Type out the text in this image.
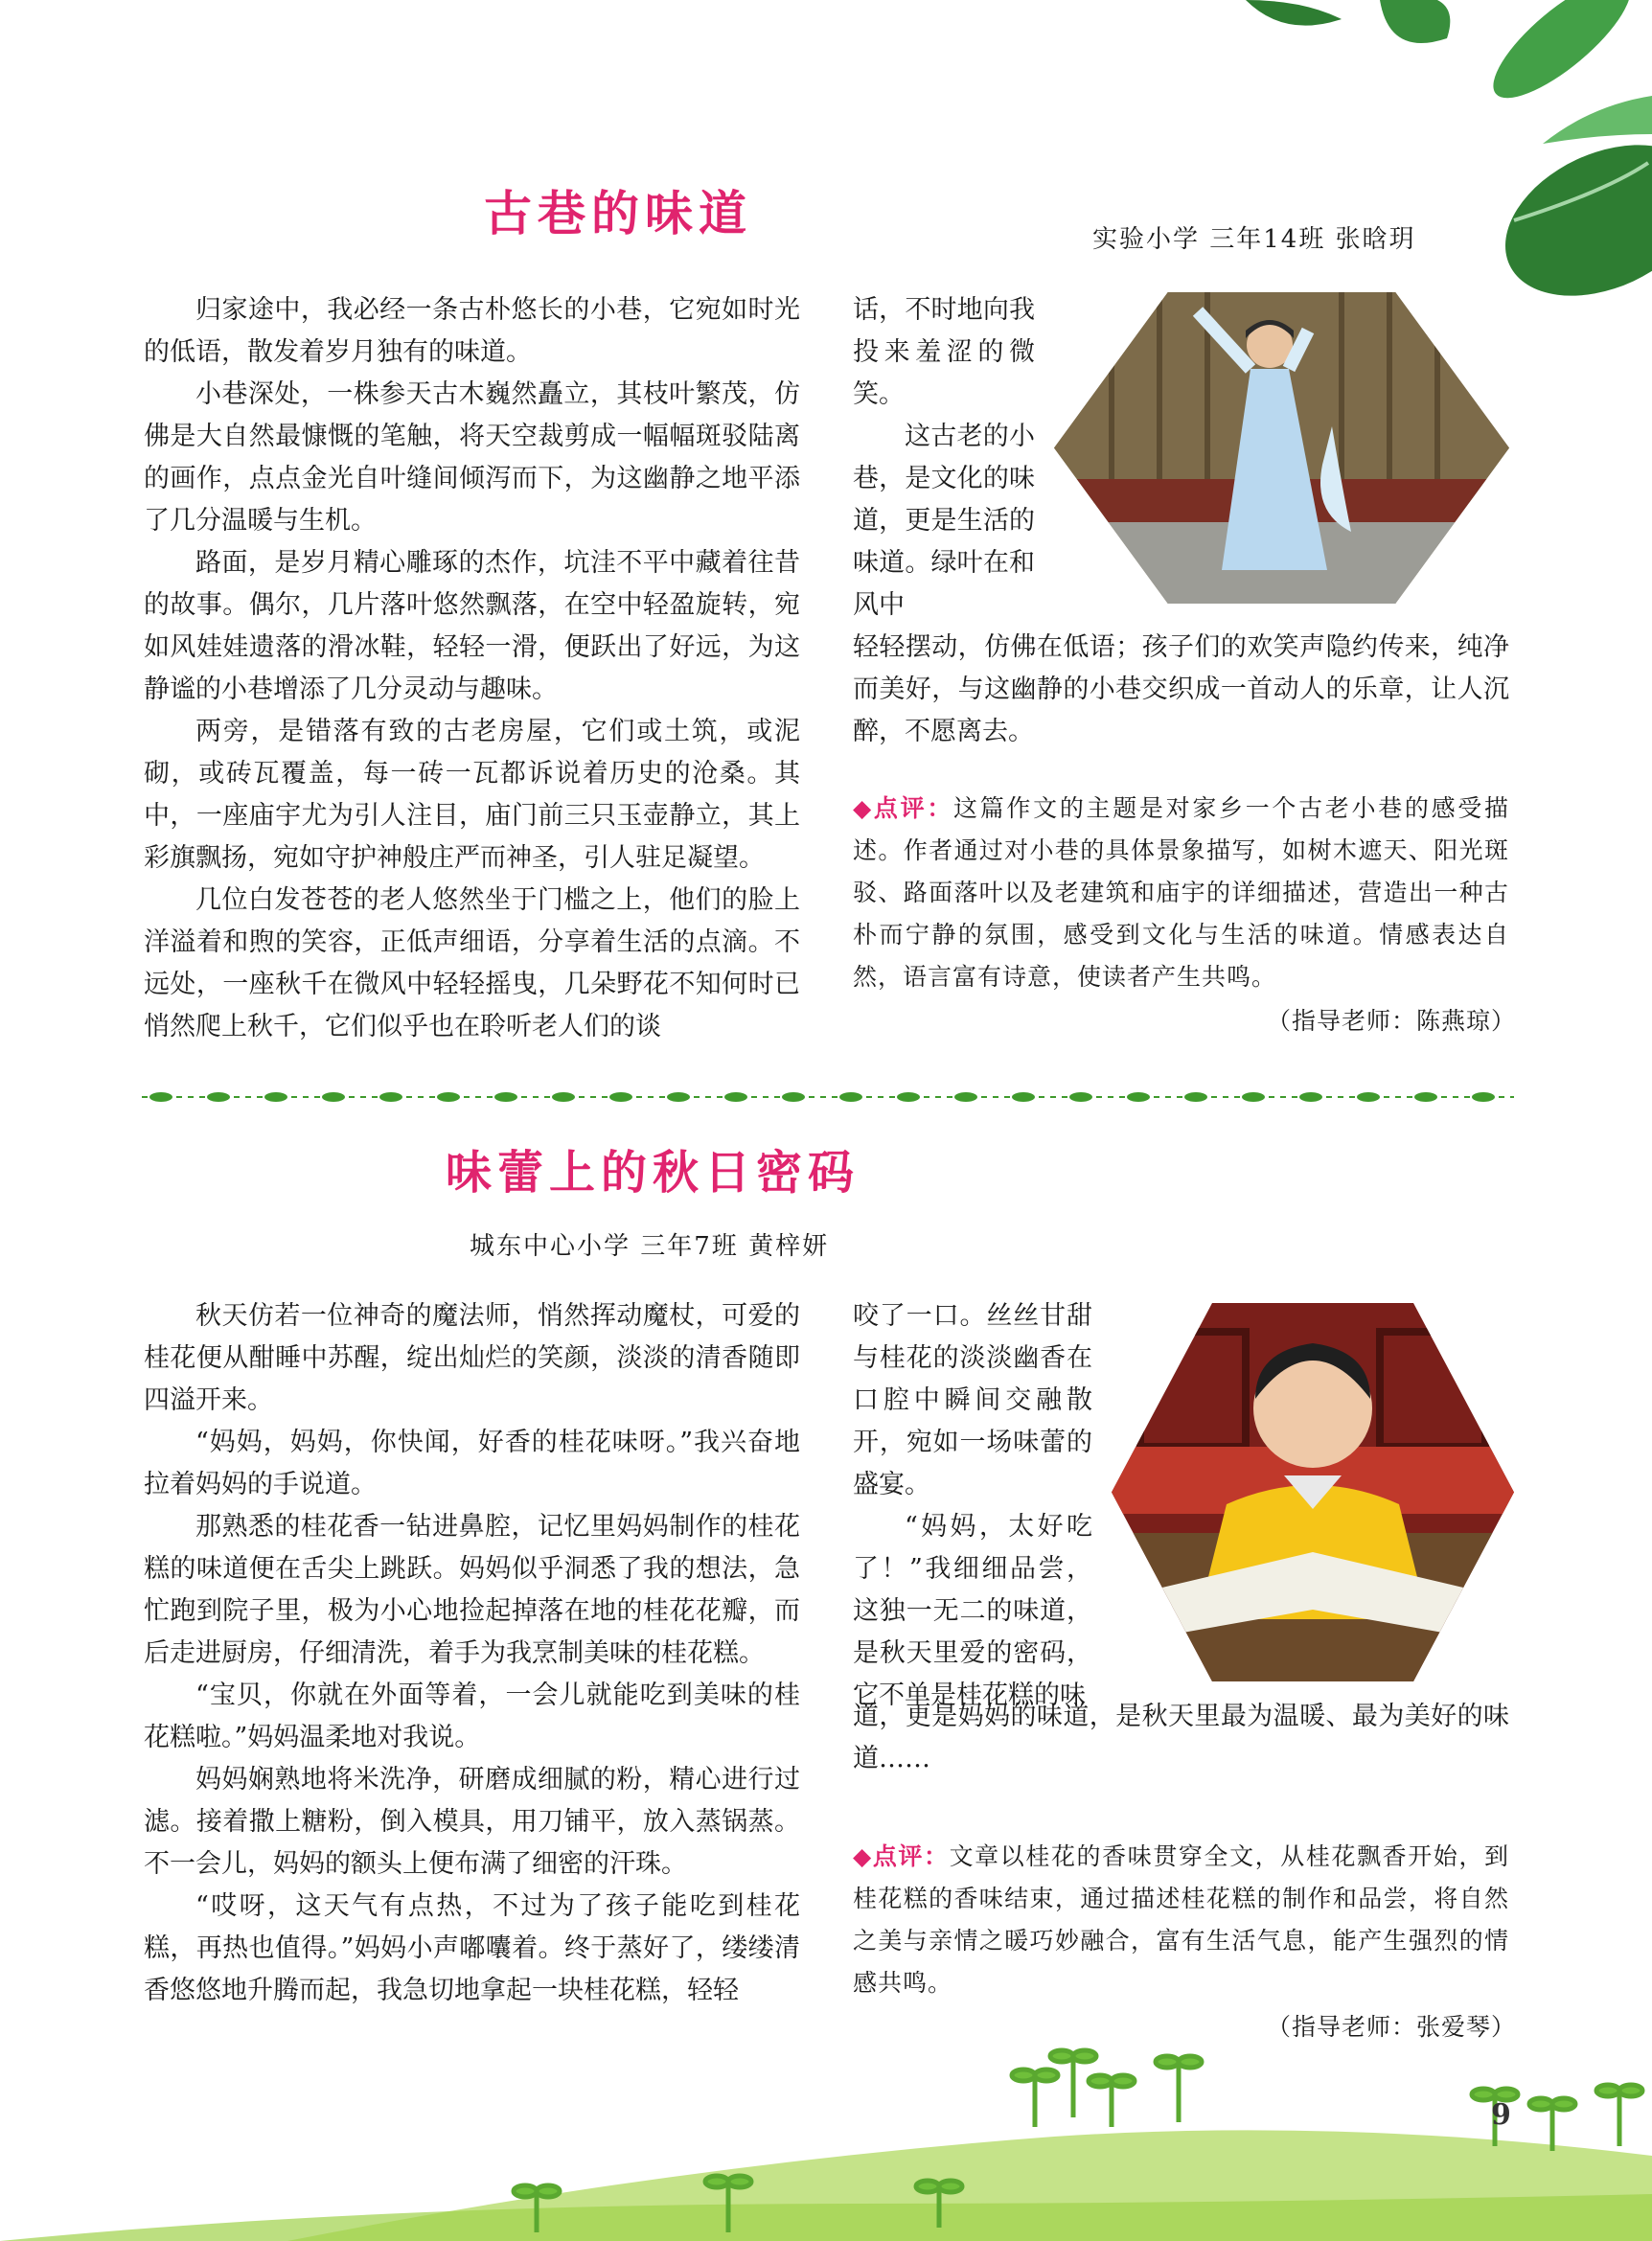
古巷的味道	实验小学 三年14班 张晗玥

归家途中，我必经一条古朴悠长的小巷，它宛如时光的低语，散发着岁月独有的味道。

小巷深处，一株参天古木巍然矗立，其枝叶繁茂，仿佛是大自然最慷慨的笔触，将天空裁剪成一幅幅斑驳陆离的画作，点点金光自叶缝间倾泻而下，为这幽静之地平添了几分温暖与生机。

路面，是岁月精心雕琢的杰作，坑洼不平中藏着往昔的故事。偶尔，几片落叶悠然飘落，在空中轻盈旋转，宛如风娃娃遗落的滑冰鞋，轻轻一滑，便跃出了好远，为这静谧的小巷增添了几分灵动与趣味。

两旁，是错落有致的古老房屋，它们或土筑，或泥砌，或砖瓦覆盖，每一砖一瓦都诉说着历史的沧桑。其中，一座庙宇尤为引人注目，庙门前三只玉壶静立，其上彩旗飘扬，宛如守护神般庄严而神圣，引人驻足凝望。

几位白发苍苍的老人悠然坐于门槛之上，他们的脸上洋溢着和煦的笑容，正低声细语，分享着生活的点滴。不远处，一座秋千在微风中轻轻摇曳，几朵野花不知何时已悄然爬上秋千，它们似乎也在聆听老人们的谈

话，不时地向我投来羞涩的微笑。

这古老的小巷，是文化的味道，更是生活的味道。绿叶在和风中

轻轻摆动，仿佛在低语；孩子们的欢笑声隐约传来，纯净而美好，与这幽静的小巷交织成一首动人的乐章，让人沉醉，不愿离去。

◆点评：这篇作文的主题是对家乡一个古老小巷的感受描述。作者通过对小巷的具体景象描写，如树木遮天、阳光斑驳、路面落叶以及老建筑和庙宇的详细描述，营造出一种古朴而宁静的氛围，感受到文化与生活的味道。情感表达自然，语言富有诗意，使读者产生共鸣。
（指导老师：陈燕琼）
味蕾上的秋日密码
城东中心小学 三年7班 黄梓妍

秋天仿若一位神奇的魔法师，悄然挥动魔杖，可爱的桂花便从酣睡中苏醒，绽出灿烂的笑颜，淡淡的清香随即四溢开来。

“妈妈，妈妈，你快闻，好香的桂花味呀。”我兴奋地拉着妈妈的手说道。

那熟悉的桂花香一钻进鼻腔，记忆里妈妈制作的桂花糕的味道便在舌尖上跳跃。妈妈似乎洞悉了我的想法，急忙跑到院子里，极为小心地捡起掉落在地的桂花花瓣，而后走进厨房，仔细清洗，着手为我烹制美味的桂花糕。

“宝贝，你就在外面等着，一会儿就能吃到美味的桂花糕啦。”妈妈温柔地对我说。

妈妈娴熟地将米洗净，研磨成细腻的粉，精心进行过滤。接着撒上糖粉，倒入模具，用刀铺平，放入蒸锅蒸。不一会儿，妈妈的额头上便布满了细密的汗珠。

“哎呀，这天气有点热，不过为了孩子能吃到桂花糕，再热也值得。”妈妈小声嘟囔着。终于蒸好了，缕缕清香悠悠地升腾而起，我急切地拿起一块桂花糕，轻轻

咬了一口。丝丝甘甜与桂花的淡淡幽香在口腔中瞬间交融散开，宛如一场味蕾的盛宴。

“妈妈，太好吃了！”我细细品尝，这独一无二的味道，是秋天里爱的密码，它不单是桂花糕的味

道，更是妈妈的味道，是秋天里最为温暖、最为美好的味道……

◆点评：文章以桂花的香味贯穿全文，从桂花飘香开始，到桂花糕的香味结束，通过描述桂花糕的制作和品尝，将自然之美与亲情之暖巧妙融合，富有生活气息，能产生强烈的情感共鸣。
（指导老师：张爱琴）
9
